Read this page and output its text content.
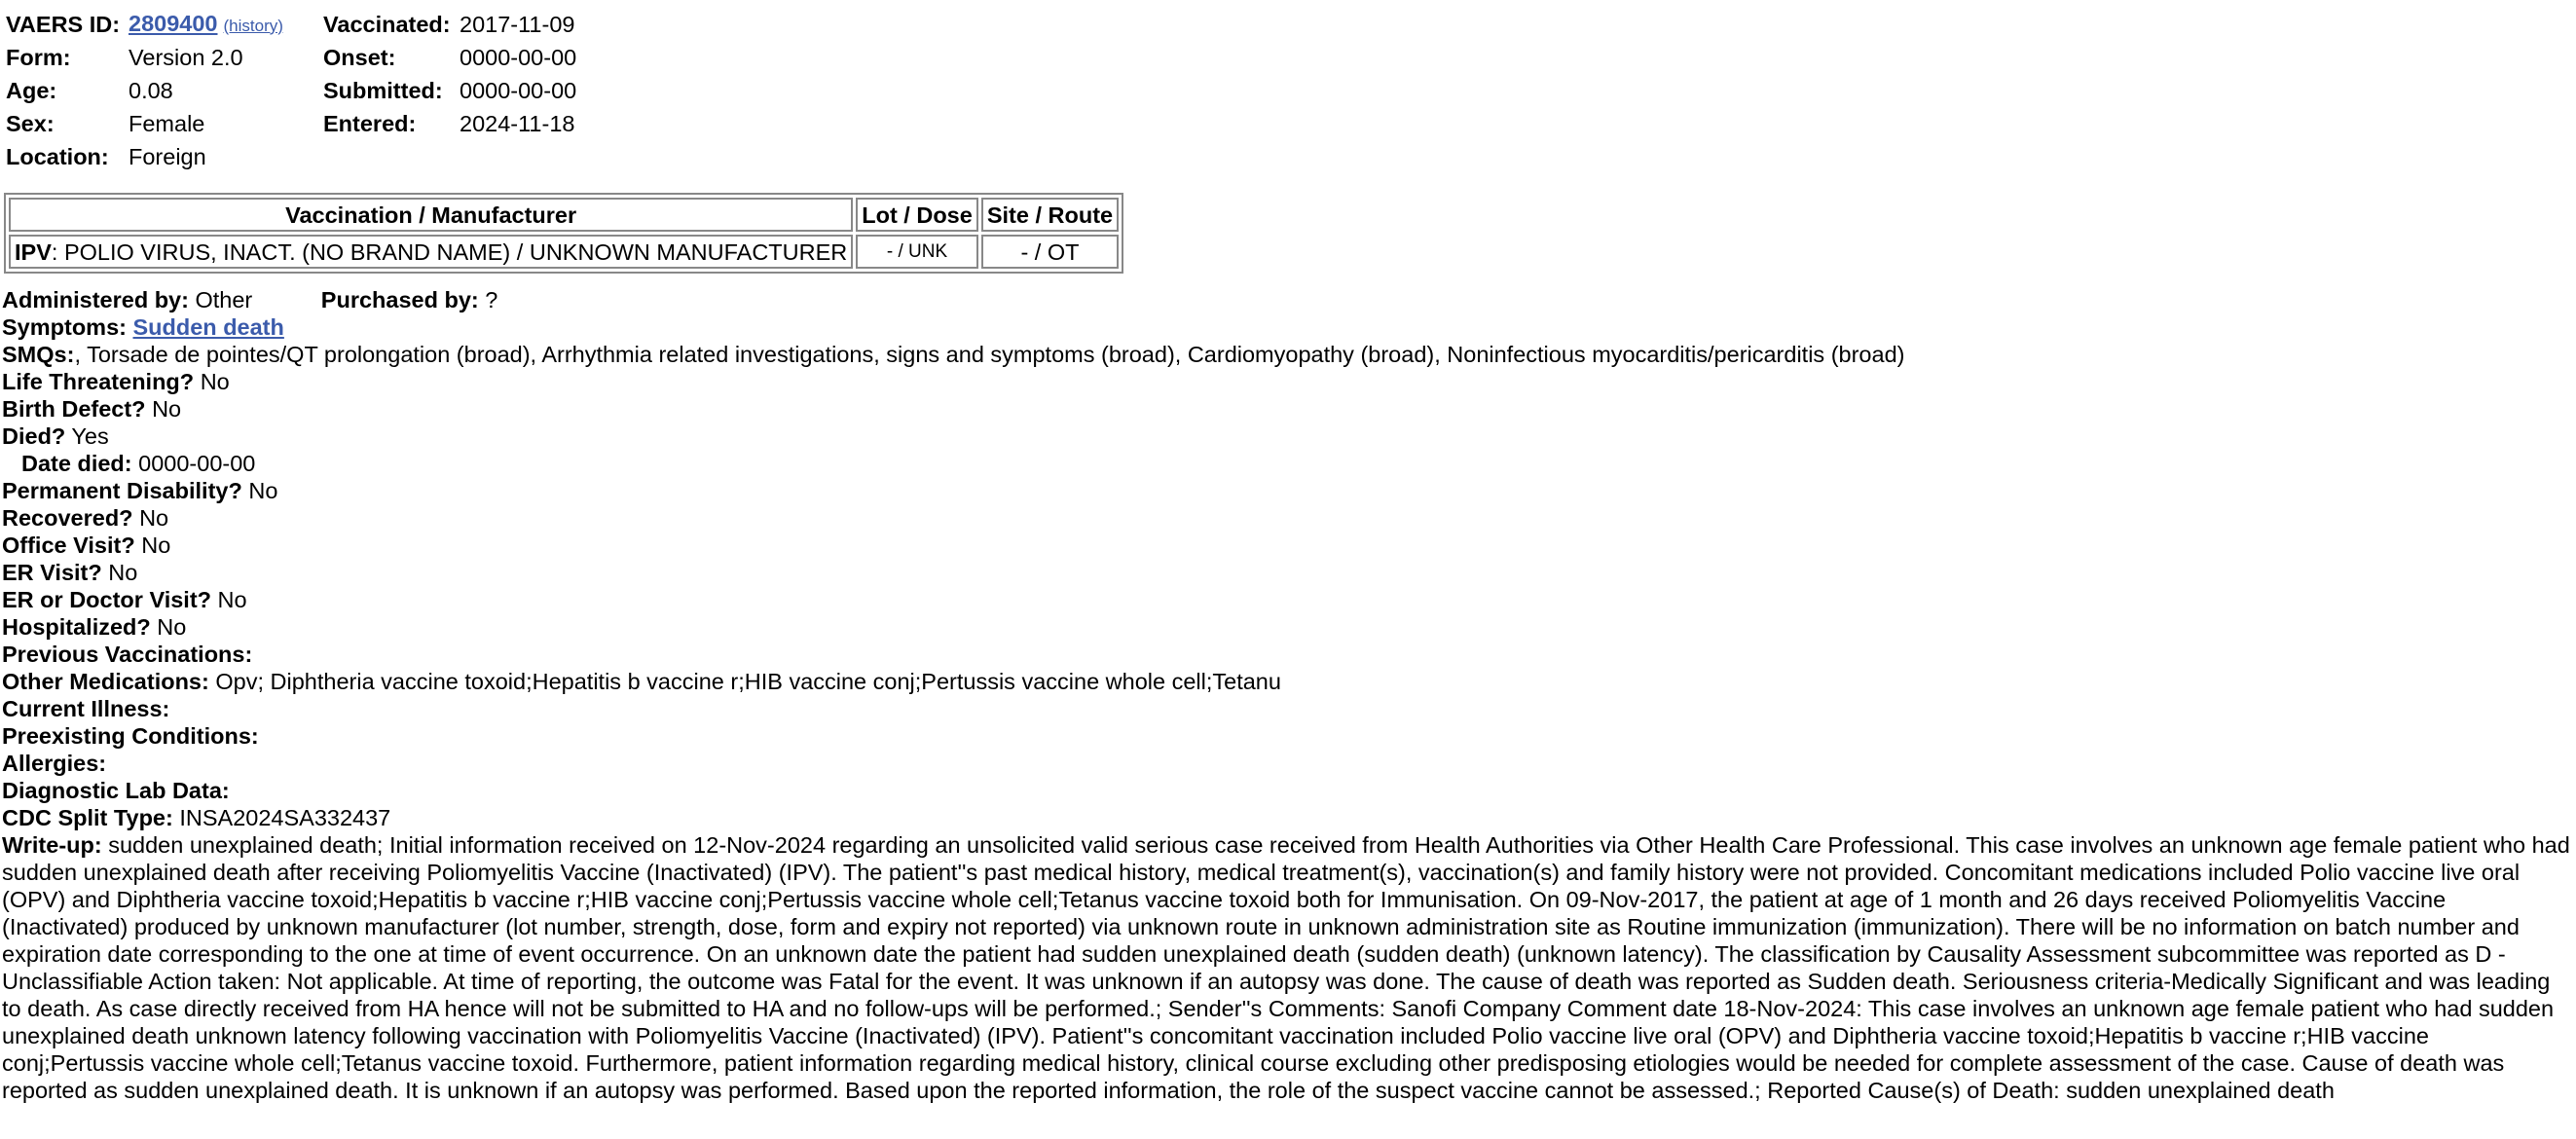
VAERS ID:	2809400 (history)	Vaccinated:	2017-11-09
Form:	Version 2.0	Onset:	0000-00-00
Age:	0.08	Submitted:	0000-00-00
Sex:	Female	Entered:	2024-11-18
Location:	Foreign		
Vaccination / Manufacturer	Lot / Dose	Site / Route
IPV: POLIO VIRUS, INACT. (NO BRAND NAME) / UNKNOWN MANUFACTURER	- / UNK	- / OT
Administered by: Other	Purchased by: ?
Symptoms: Sudden death
SMQs:, Torsade de pointes/QT prolongation (broad), Arrhythmia related investigations, signs and symptoms (broad), Cardiomyopathy (broad), Noninfectious myocarditis/pericarditis (broad)
Life Threatening? No
Birth Defect? No
Died? Yes
Date died: 0000-00-00
Permanent Disability? No
Recovered? No
Office Visit? No
ER Visit? No
ER or Doctor Visit? No
Hospitalized? No
Previous Vaccinations:
Other Medications: Opv; Diphtheria vaccine toxoid;Hepatitis b vaccine r;HIB vaccine conj;Pertussis vaccine whole cell;Tetanu
Current Illness:
Preexisting Conditions:
Allergies:
Diagnostic Lab Data:
CDC Split Type: INSA2024SA332437
Write-up: sudden unexplained death; Initial information received on 12-Nov-2024 regarding an unsolicited valid serious case received from Health Authorities via Other Health Care Professional. This case involves an unknown age female patient who had sudden unexplained death after receiving Poliomyelitis Vaccine (Inactivated) (IPV). The patient''s past medical history, medical treatment(s), vaccination(s) and family history were not provided. Concomitant medications included Polio vaccine live oral (OPV) and Diphtheria vaccine toxoid;Hepatitis b vaccine r;HIB vaccine conj;Pertussis vaccine whole cell;Tetanus vaccine toxoid both for Immunisation. On 09-Nov-2017, the patient at age of 1 month and 26 days received Poliomyelitis Vaccine (Inactivated) produced by unknown manufacturer (lot number, strength, dose, form and expiry not reported) via unknown route in unknown administration site as Routine immunization (immunization). There will be no information on batch number and expiration date corresponding to the one at time of event occurrence. On an unknown date the patient had sudden unexplained death (sudden death) (unknown latency). The classification by Causality Assessment subcommittee was reported as D - Unclassifiable Action taken: Not applicable. At time of reporting, the outcome was Fatal for the event. It was unknown if an autopsy was done. The cause of death was reported as Sudden death. Seriousness criteria-Medically Significant and was leading to death. As case directly received from HA hence will not be submitted to HA and no follow-ups will be performed.; Sender''s Comments: Sanofi Company Comment date 18-Nov-2024: This case involves an unknown age female patient who had sudden unexplained death unknown latency following vaccination with Poliomyelitis Vaccine (Inactivated) (IPV). Patient''s concomitant vaccination included Polio vaccine live oral (OPV) and Diphtheria vaccine toxoid;Hepatitis b vaccine r;HIB vaccine conj;Pertussis vaccine whole cell;Tetanus vaccine toxoid. Furthermore, patient information regarding medical history, clinical course excluding other predisposing etiologies would be needed for complete assessment of the case. Cause of death was reported as sudden unexplained death. It is unknown if an autopsy was performed. Based upon the reported information, the role of the suspect vaccine cannot be assessed.; Reported Cause(s) of Death: sudden unexplained death
